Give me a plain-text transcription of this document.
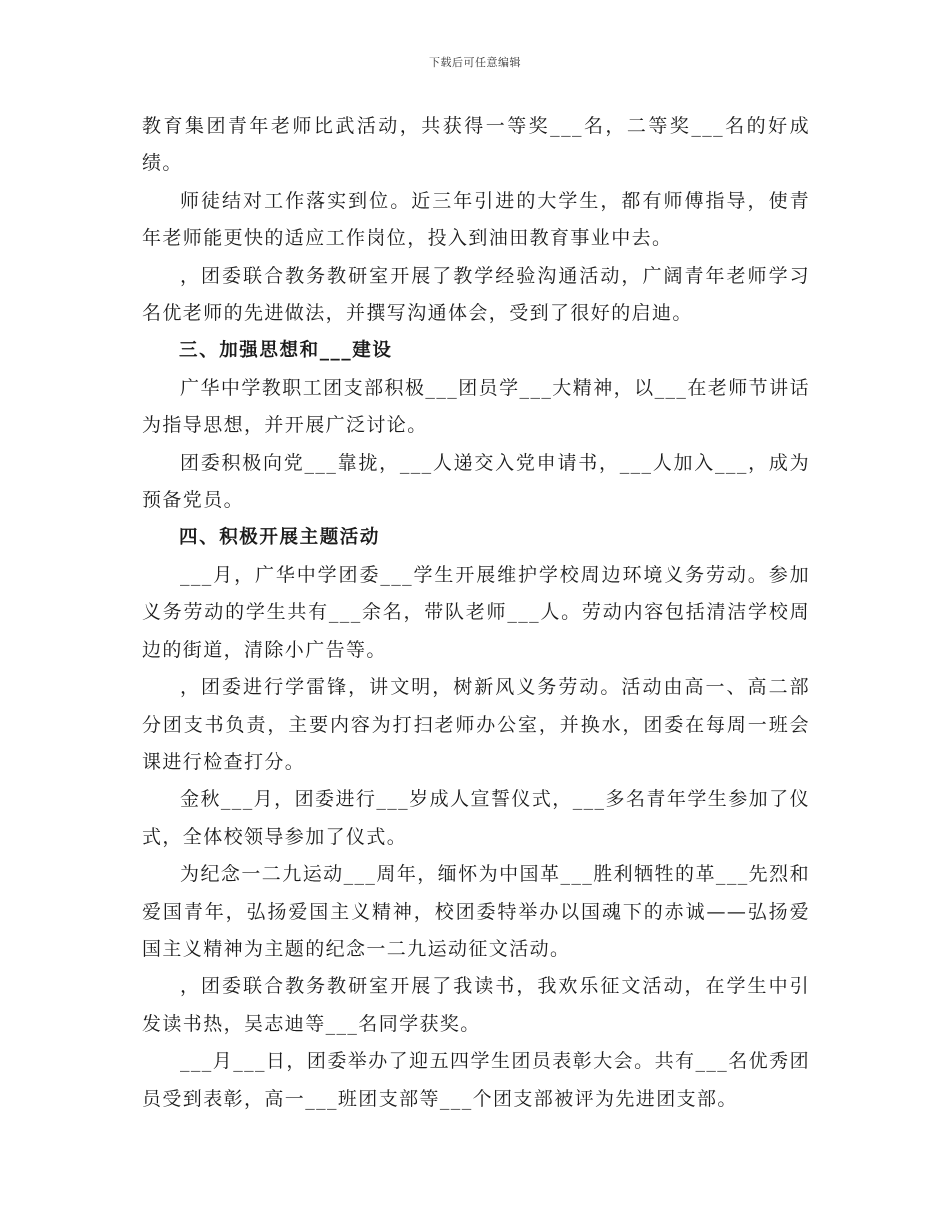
下载后可任意编辑

教育集团青年老师比武活动，共获得一等奖___名，二等奖___名的好成绩。

师徒结对工作落实到位。近三年引进的大学生，都有师傅指导，使青年老师能更快的适应工作岗位，投入到油田教育事业中去。

，团委联合教务教研室开展了教学经验沟通活动，广阔青年老师学习名优老师的先进做法，并撰写沟通体会，受到了很好的启迪。

三、加强思想和___建设

广华中学教职工团支部积极___团员学___大精神，以___在老师节讲话为指导思想，并开展广泛讨论。

团委积极向党___靠拢，___人递交入党申请书，___人加入___，成为预备党员。

四、积极开展主题活动

___月，广华中学团委___学生开展维护学校周边环境义务劳动。参加义务劳动的学生共有___余名，带队老师___人。劳动内容包括清洁学校周边的街道，清除小广告等。

，团委进行学雷锋，讲文明，树新风义务劳动。活动由高一、高二部分团支书负责，主要内容为打扫老师办公室，并换水，团委在每周一班会课进行检查打分。

金秋___月，团委进行___岁成人宣誓仪式，___多名青年学生参加了仪式，全体校领导参加了仪式。

为纪念一二九运动___周年，缅怀为中国革___胜利牺牲的革___先烈和爱国青年，弘扬爱国主义精神，校团委特举办以国魂下的赤诚——弘扬爱国主义精神为主题的纪念一二九运动征文活动。

，团委联合教务教研室开展了我读书，我欢乐征文活动，在学生中引发读书热，吴志迪等___名同学获奖。

___月___日，团委举办了迎五四学生团员表彰大会。共有___名优秀团员受到表彰，高一___班团支部等___个团支部被评为先进团支部。
